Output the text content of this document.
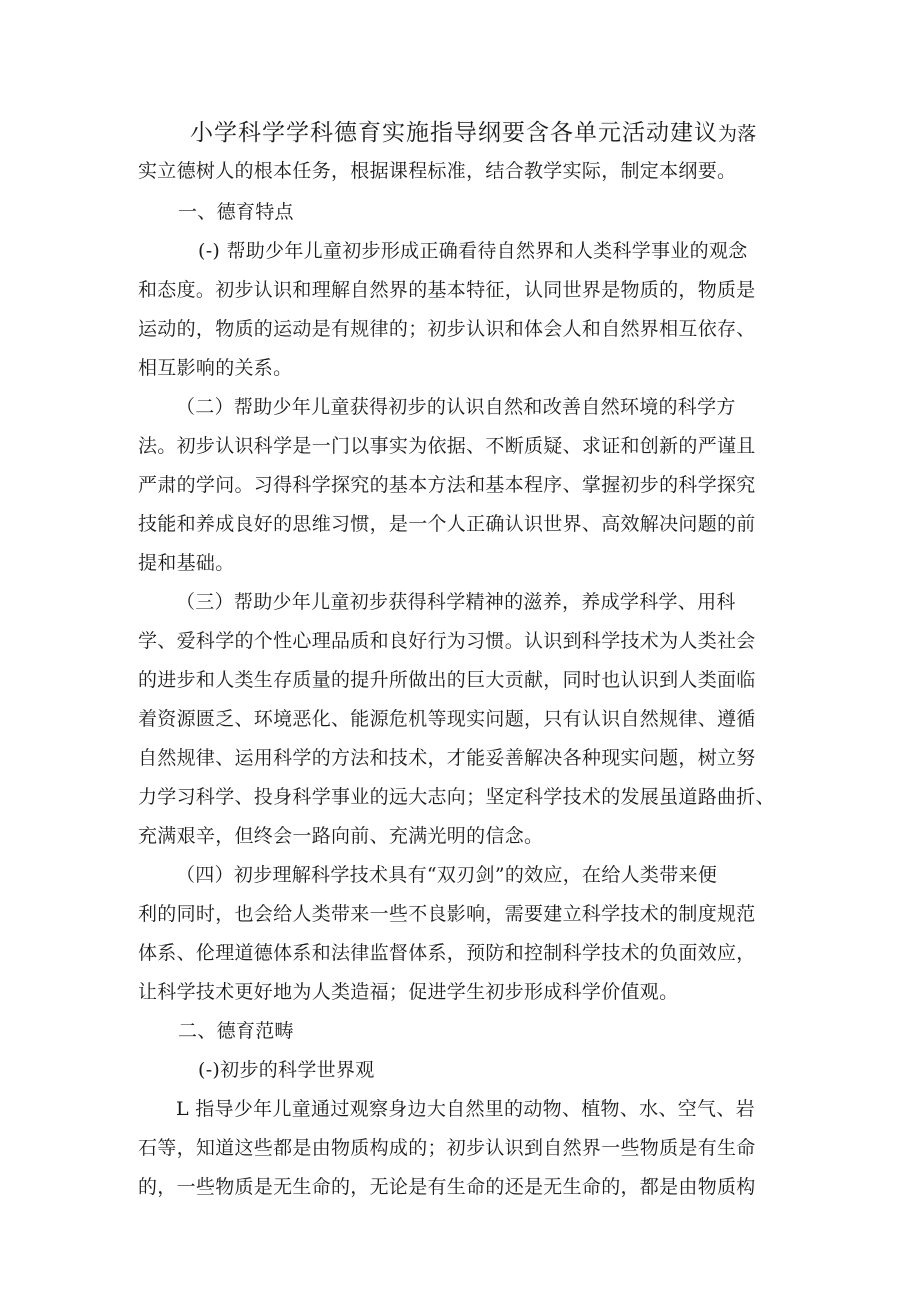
小学科学学科德育实施指导纲要含各单元活动建议为落
实立德树人的根本任务，根据课程标准，结合教学实际，制定本纲要。
一、德育特点
(-) 帮助少年儿童初步形成正确看待自然界和人类科学事业的观念
和态度。初步认识和理解自然界的基本特征，认同世界是物质的，物质是
运动的，物质的运动是有规律的；初步认识和体会人和自然界相互依存、
相互影响的关系。
（二）帮助少年儿童获得初步的认识自然和改善自然环境的科学方
法。初步认识科学是一门以事实为依据、不断质疑、求证和创新的严谨且
严肃的学问。习得科学探究的基本方法和基本程序、掌握初步的科学探究
技能和养成良好的思维习惯，是一个人正确认识世界、高效解决问题的前
提和基础。
（三）帮助少年儿童初步获得科学精神的滋养，养成学科学、用科
学、爱科学的个性心理品质和良好行为习惯。认识到科学技术为人类社会
的进步和人类生存质量的提升所做出的巨大贡献，同时也认识到人类面临
着资源匮乏、环境恶化、能源危机等现实问题，只有认识自然规律、遵循
自然规律、运用科学的方法和技术，才能妥善解决各种现实问题，树立努
力学习科学、投身科学事业的远大志向；坚定科学技术的发展虽道路曲折、
充满艰辛，但终会一路向前、充满光明的信念。
（四）初步理解科学技术具有“双刃剑”的效应，在给人类带来便
利的同时，也会给人类带来一些不良影响，需要建立科学技术的制度规范
体系、伦理道德体系和法律监督体系，预防和控制科学技术的负面效应，
让科学技术更好地为人类造福；促进学生初步形成科学价值观。
二、德育范畴
(-)初步的科学世界观
L 指导少年儿童通过观察身边大自然里的动物、植物、水、空气、岩
石等，知道这些都是由物质构成的；初步认识到自然界一些物质是有生命
的，一些物质是无生命的，无论是有生命的还是无生命的，都是由物质构
